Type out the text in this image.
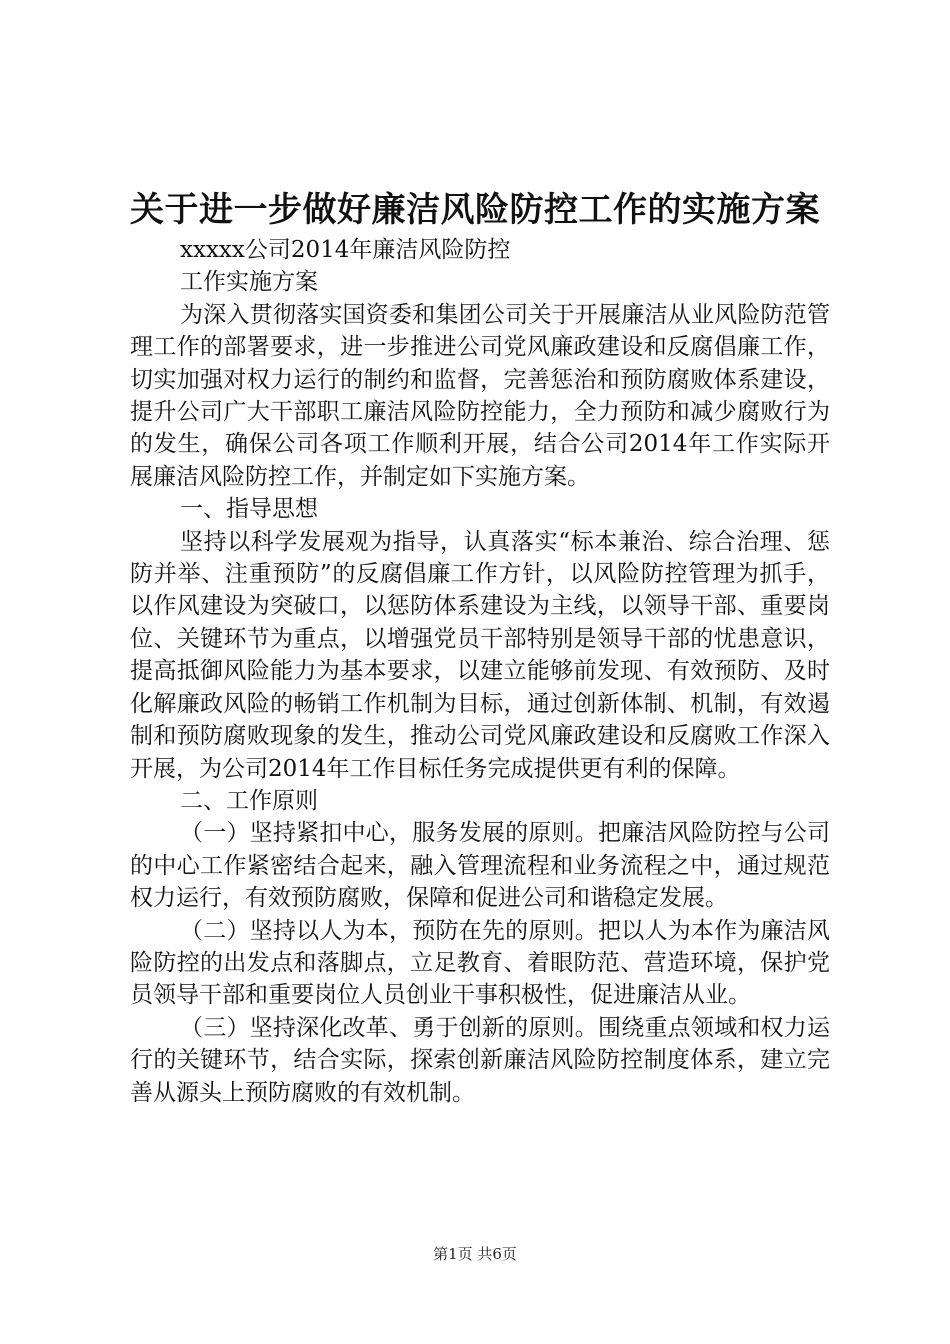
关于进一步做好廉洁风险防控工作的实施方案

xxxxx公司2014年廉洁风险防控

工作实施方案

为深入贯彻落实国资委和集团公司关于开展廉洁从业风险防范管理工作的部署要求，进一步推进公司党风廉政建设和反腐倡廉工作，切实加强对权力运行的制约和监督，完善惩治和预防腐败体系建设，提升公司广大干部职工廉洁风险防控能力，全力预防和减少腐败行为的发生，确保公司各项工作顺利开展，结合公司2014年工作实际开展廉洁风险防控工作，并制定如下实施方案。

一、指导思想

坚持以科学发展观为指导，认真落实“标本兼治、综合治理、惩防并举、注重预防”的反腐倡廉工作方针，以风险防控管理为抓手，以作风建设为突破口，以惩防体系建设为主线，以领导干部、重要岗位、关键环节为重点，以增强党员干部特别是领导干部的忧患意识，提高抵御风险能力为基本要求，以建立能够前发现、有效预防、及时化解廉政风险的畅销工作机制为目标，通过创新体制、机制，有效遏制和预防腐败现象的发生，推动公司党风廉政建设和反腐败工作深入开展，为公司2014年工作目标任务完成提供更有利的保障。

二、工作原则

（一）坚持紧扣中心，服务发展的原则。把廉洁风险防控与公司的中心工作紧密结合起来，融入管理流程和业务流程之中，通过规范权力运行，有效预防腐败，保障和促进公司和谐稳定发展。

（二）坚持以人为本，预防在先的原则。把以人为本作为廉洁风险防控的出发点和落脚点，立足教育、着眼防范、营造环境，保护党员领导干部和重要岗位人员创业干事积极性，促进廉洁从业。

（三）坚持深化改革、勇于创新的原则。围绕重点领域和权力运行的关键环节，结合实际，探索创新廉洁风险防控制度体系，建立完善从源头上预防腐败的有效机制。

第1页 共6页
